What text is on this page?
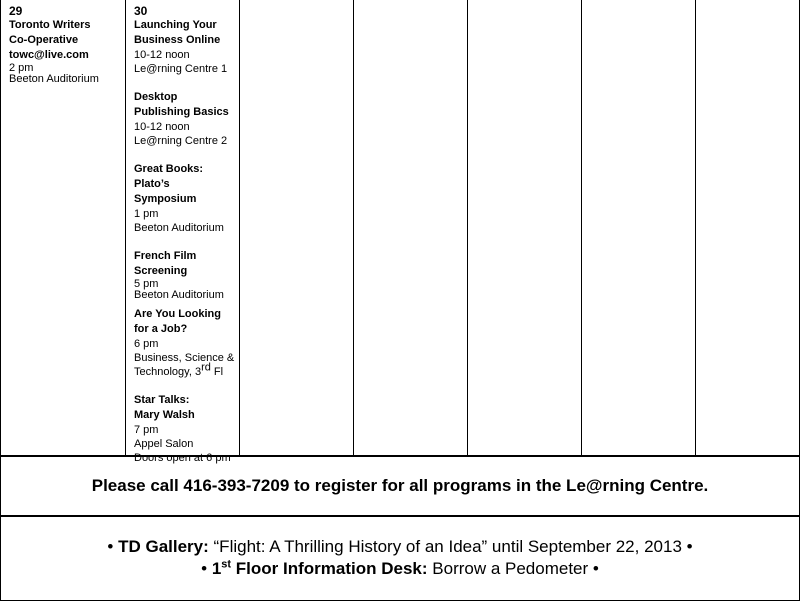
29
Toronto Writers Co-Operative
towc@live.com
2 pm
Beeton Auditorium
30
Launching Your Business Online
10-12 noon
Le@rning Centre 1
Desktop Publishing Basics
10-12 noon
Le@rning Centre 2
Great Books: Plato’s Symposium
1 pm
Beeton Auditorium
French Film Screening
5 pm
Beeton Auditorium
Are You Looking for a Job?
6 pm
Business, Science & Technology, 3rd Fl
Star Talks: Mary Walsh
7 pm
Appel Salon
Doors open at 6 pm
Please call 416-393-7209 to register for all programs in the Le@rning Centre.
• TD Gallery: “Flight: A Thrilling History of an Idea” until September 22, 2013 •
• 1st Floor Information Desk: Borrow a Pedometer •
